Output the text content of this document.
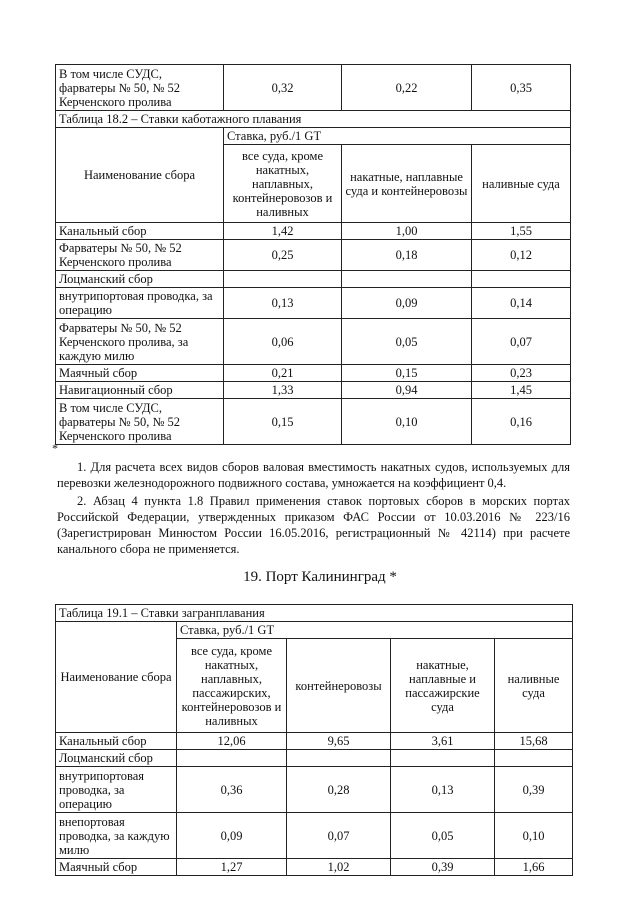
В том числе СУДС, фарватеры № 50, № 52 Керченского пролива	0,32	0,22	0,35
Таблица 18.2 – Ставки каботажного плавания			
Наименование сбора	Ставка, руб./1 GT		
	все суда, кроме накатных, наплавных, контейнеровозов и наливных	накатные, наплавные суда и контейнеровозы	наливные суда
Канальный сбор	1,42	1,00	1,55
Фарватеры № 50, № 52 Керченского пролива	0,25	0,18	0,12
Лоцманский сбор			
внутрипортовая проводка, за операцию	0,13	0,09	0,14
Фарватеры № 50, № 52 Керченского пролива, за каждую милю	0,06	0,05	0,07
Маячный сбор	0,21	0,15	0,23
Навигационный сбор	1,33	0,94	1,45
В том числе СУДС, фарватеры № 50, № 52 Керченского пролива	0,15	0,10	0,16
*

1. Для расчета всех видов сборов валовая вместимость накатных судов, используемых для перевозки железнодорожного подвижного состава, умножается на коэффициент 0,4.

2. Абзац 4 пункта 1.8 Правил применения ставок портовых сборов в морских портах Российской Федерации, утвержденных приказом ФАС России от 10.03.2016 № 223/16 (Зарегистрирован Минюстом России 16.05.2016, регистрационный № 42114) при расчете канального сбора не применяется.

19. Порт Калининград *
Таблица 19.1 – Ставки загранплавания				
Наименование сбора	Ставка, руб./1 GT			
	все суда, кроме накатных, наплавных, пассажирских, контейнеровозов и наливных	контейнеровозы	накатные, наплавные и пассажирские суда	наливные суда
Канальный сбор	12,06	9,65	3,61	15,68
Лоцманский сбор				
внутрипортовая проводка, за операцию	0,36	0,28	0,13	0,39
внепортовая проводка, за каждую милю	0,09	0,07	0,05	0,10
Маячный сбор	1,27	1,02	0,39	1,66
